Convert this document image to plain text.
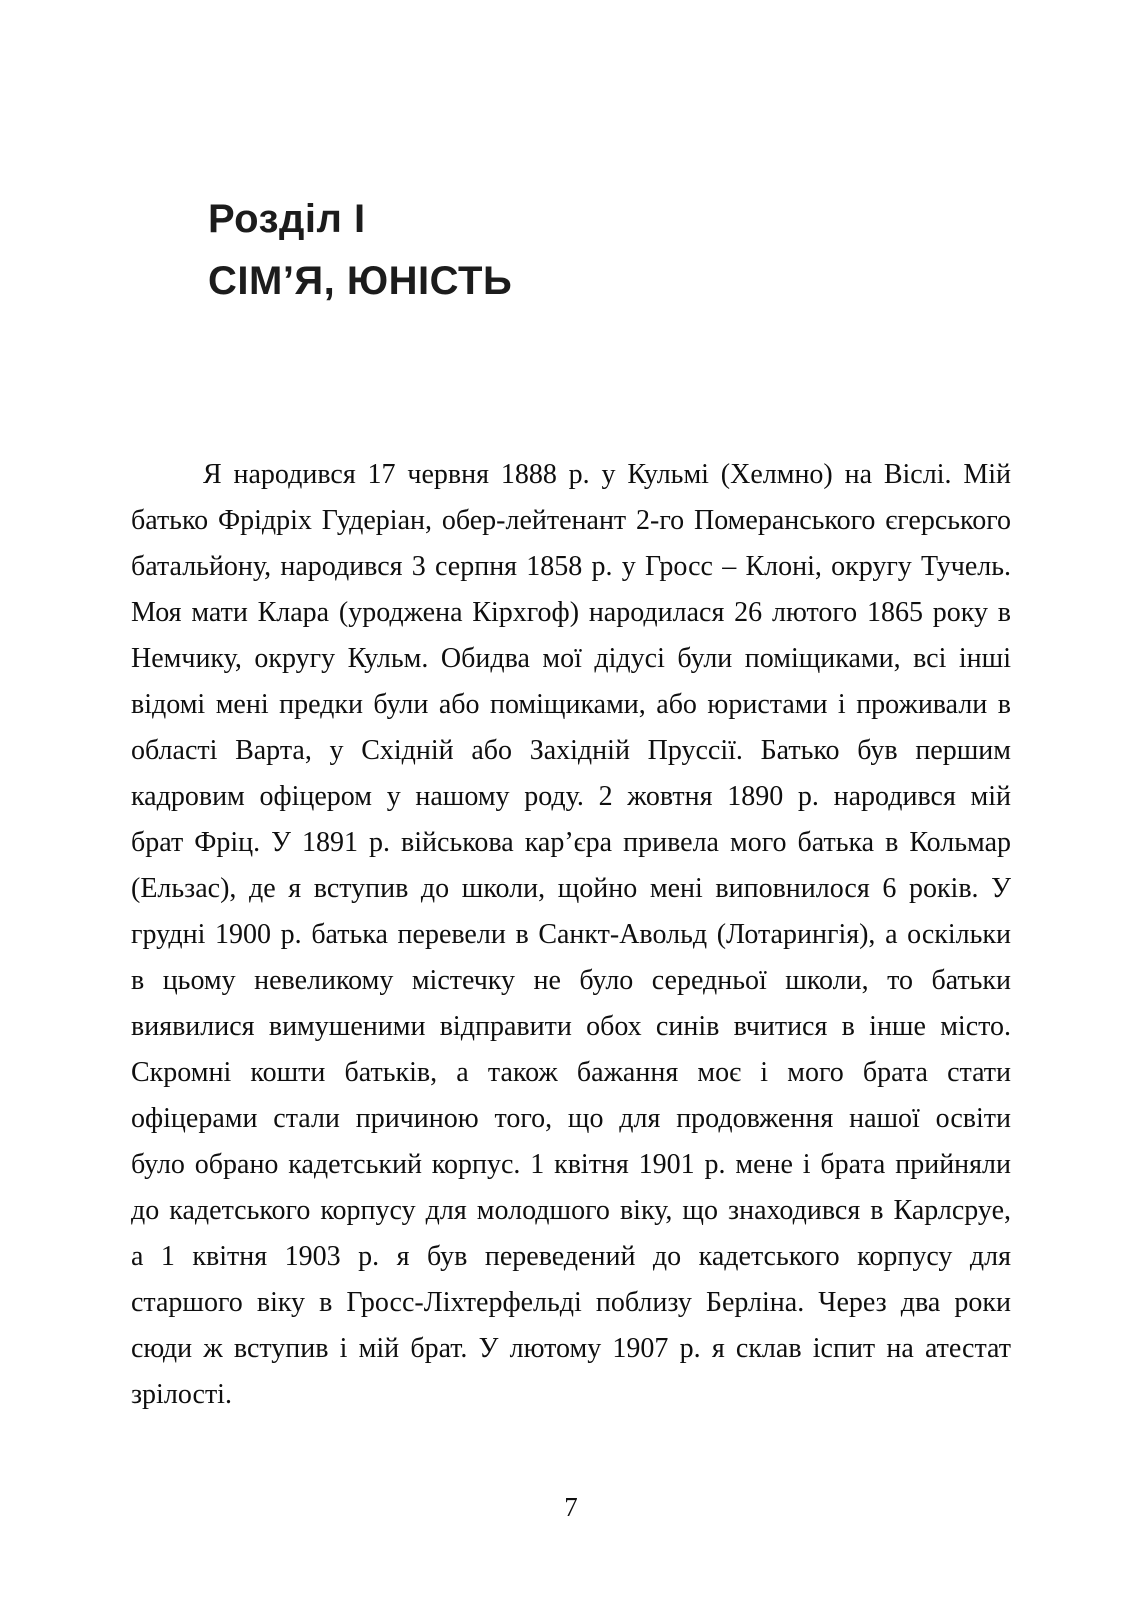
Розділ І
СІМ’Я, ЮНІСТЬ

Я народився 17 червня 1888 р. у Кульмі (Хелмно) на Віслі. Мій батько Фрідріх Гудеріан, обер-лейтенант 2-го Померанського єгерського батальйону, народився 3 серпня 1858 р. у Гросс – Клоні, округу Тучель. Моя мати Клара (уроджена Кірхгоф) народилася 26 лютого 1865 року в Немчику, округу Кульм. Обидва мої дідусі були поміщиками, всі інші відомі мені предки були або поміщиками, або юристами і проживали в області Варта, у Східній або Західній Пруссії. Батько був першим кадровим офіцером у нашому роду. 2 жовтня 1890 р. народився мій брат Фріц. У 1891 р. військова кар’єра привела мого батька в Кольмар (Ельзас), де я вступив до школи, щойно мені виповнилося 6 років. У грудні 1900 р. батька перевели в Санкт-Авольд (Лотарингія), а оскільки в цьому невеликому містечку не було середньої школи, то батьки виявилися вимушеними відправити обох синів вчитися в інше місто. Скромні кошти батьків, а також бажання моє і мого брата стати офіцерами стали причиною того, що для продовження нашої освіти було обрано кадетський корпус. 1 квітня 1901 р. мене і брата прийняли до кадетського корпусу для молодшого віку, що знаходився в Карлсруе, а 1 квітня 1903 р. я був переведений до кадетського корпусу для старшого віку в Гросс-Ліхтерфельді поблизу Берліна. Через два роки сюди ж вступив і мій брат. У лютому 1907 р. я склав іспит на атестат зрілості.

7
